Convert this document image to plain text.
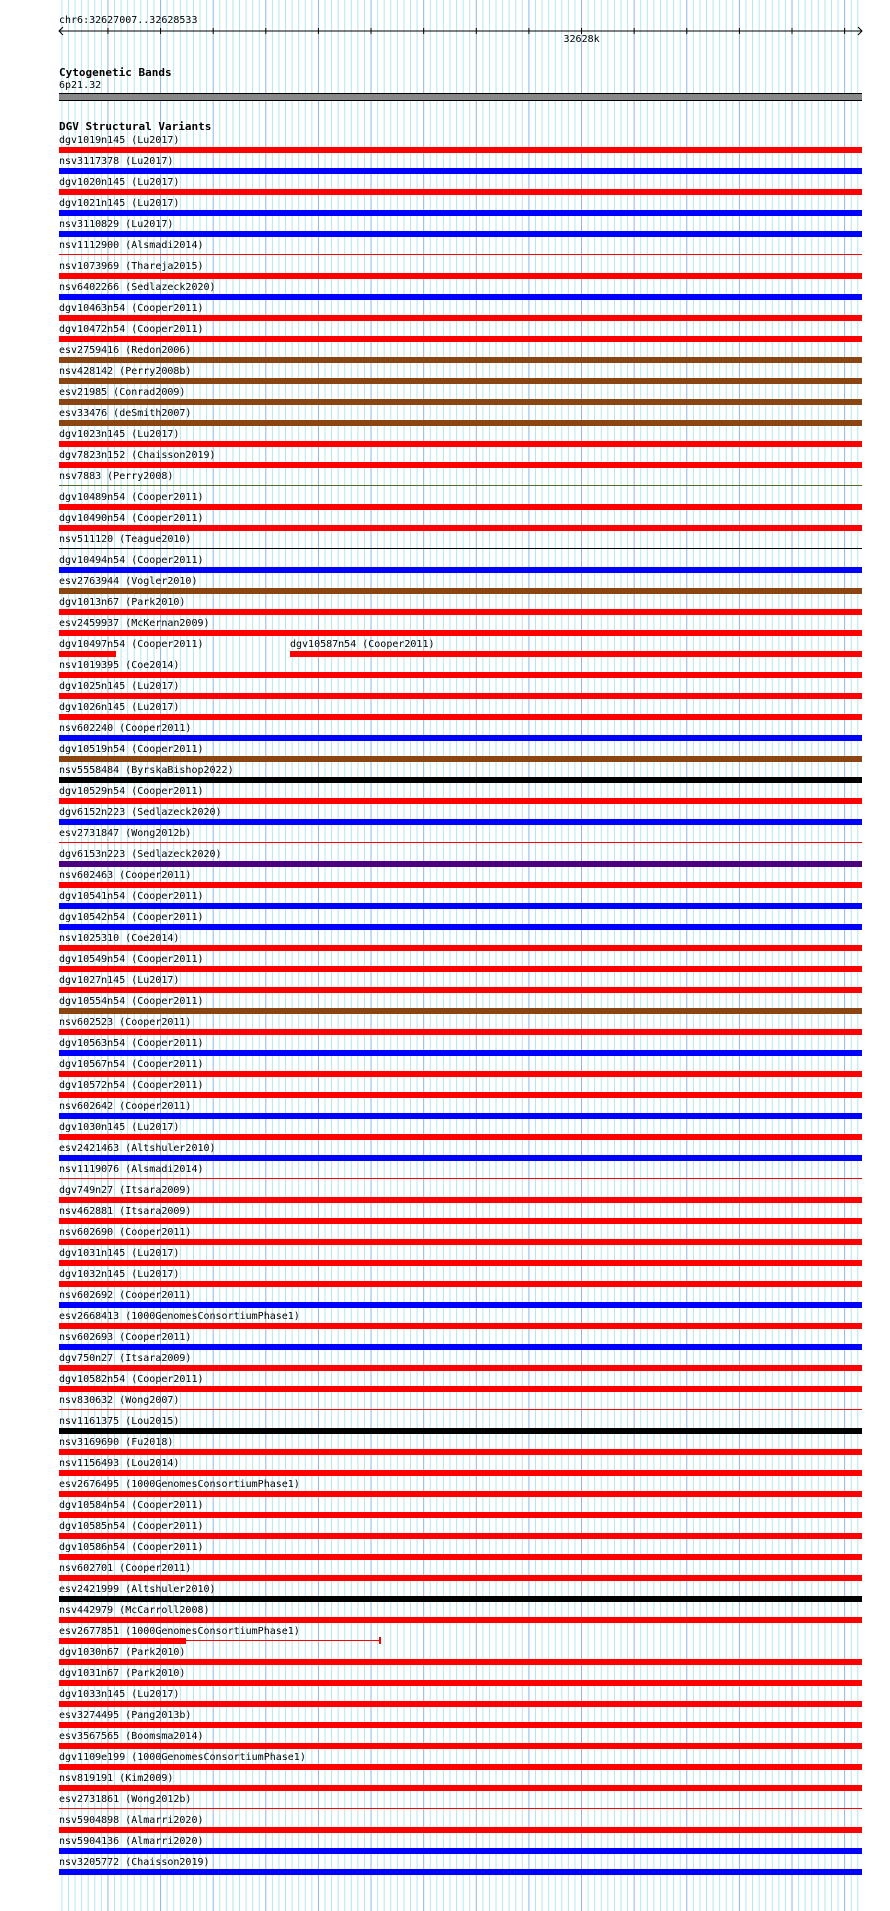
chr6:32627007..32628533
32628k
Cytogenetic Bands
6p21.32
DGV Structural Variants
dgv1019n145 (Lu2017)
nsv3117378 (Lu2017)
dgv1020n145 (Lu2017)
dgv1021n145 (Lu2017)
nsv3110829 (Lu2017)
nsv1112900 (Alsmadi2014)
nsv1073969 (Thareja2015)
nsv6402266 (Sedlazeck2020)
dgv10463n54 (Cooper2011)
dgv10472n54 (Cooper2011)
esv2759416 (Redon2006)
nsv428142 (Perry2008b)
esv21985 (Conrad2009)
esv33476 (deSmith2007)
dgv1023n145 (Lu2017)
dgv7823n152 (Chaisson2019)
nsv7883 (Perry2008)
dgv10489n54 (Cooper2011)
dgv10490n54 (Cooper2011)
nsv511120 (Teague2010)
dgv10494n54 (Cooper2011)
esv2763944 (Vogler2010)
dgv1013n67 (Park2010)
esv2459937 (McKernan2009)
dgv10497n54 (Cooper2011)	dgv10587n54 (Cooper2011)
nsv1019395 (Coe2014)
dgv1025n145 (Lu2017)
dgv1026n145 (Lu2017)
nsv602240 (Cooper2011)
dgv10519n54 (Cooper2011)
nsv5558484 (ByrskaBishop2022)
dgv10529n54 (Cooper2011)
dgv6152n223 (Sedlazeck2020)
esv2731847 (Wong2012b)
dgv6153n223 (Sedlazeck2020)
nsv602463 (Cooper2011)
dgv10541n54 (Cooper2011)
dgv10542n54 (Cooper2011)
nsv1025310 (Coe2014)
dgv10549n54 (Cooper2011)
dgv1027n145 (Lu2017)
dgv10554n54 (Cooper2011)
nsv602523 (Cooper2011)
dgv10563n54 (Cooper2011)
dgv10567n54 (Cooper2011)
dgv10572n54 (Cooper2011)
nsv602642 (Cooper2011)
dgv1030n145 (Lu2017)
esv2421463 (Altshuler2010)
nsv1119076 (Alsmadi2014)
dgv749n27 (Itsara2009)
nsv462881 (Itsara2009)
nsv602690 (Cooper2011)
dgv1031n145 (Lu2017)
dgv1032n145 (Lu2017)
nsv602692 (Cooper2011)
esv2668413 (1000GenomesConsortiumPhase1)
nsv602693 (Cooper2011)
dgv750n27 (Itsara2009)
dgv10582n54 (Cooper2011)
nsv830632 (Wong2007)
nsv1161375 (Lou2015)
nsv3169690 (Fu2018)
nsv1156493 (Lou2014)
esv2676495 (1000GenomesConsortiumPhase1)
dgv10584n54 (Cooper2011)
dgv10585n54 (Cooper2011)
dgv10586n54 (Cooper2011)
nsv602701 (Cooper2011)
esv2421999 (Altshuler2010)
nsv442979 (McCarroll2008)
esv2677851 (1000GenomesConsortiumPhase1)
dgv1030n67 (Park2010)
dgv1031n67 (Park2010)
dgv1033n145 (Lu2017)
esv3274495 (Pang2013b)
esv3567565 (Boomsma2014)
dgv1109e199 (1000GenomesConsortiumPhase1)
nsv819191 (Kim2009)
esv2731861 (Wong2012b)
nsv5904898 (Almarri2020)
nsv5904136 (Almarri2020)
nsv3205772 (Chaisson2019)
